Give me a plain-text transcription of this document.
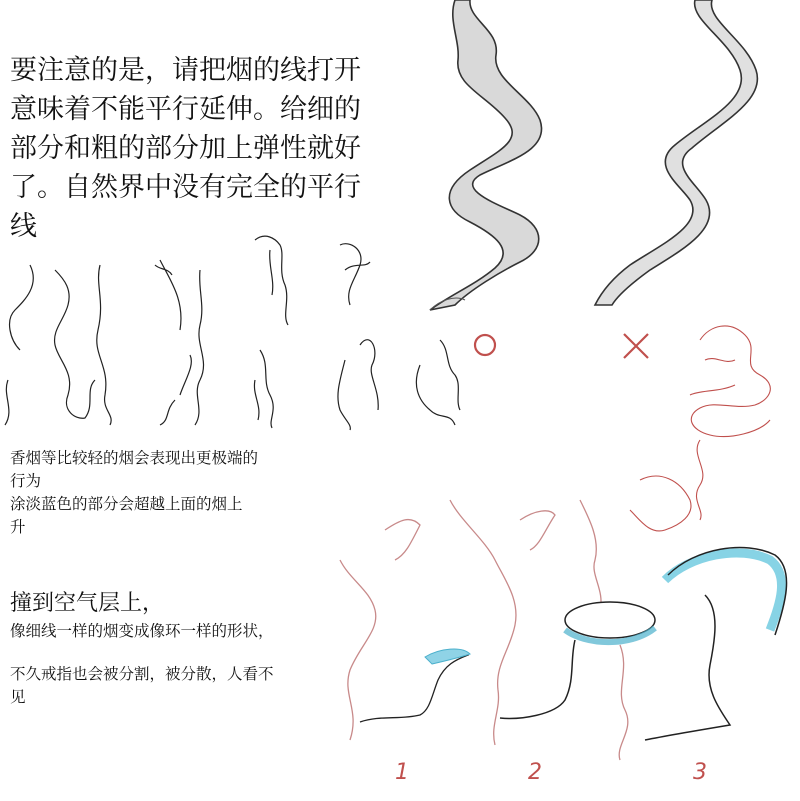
要注意的是，请把烟的线打开
意味着不能平行延伸。给细的
部分和粗的部分加上弹性就好
了。自然界中没有完全的平行
线
香烟等比较轻的烟会表现出更极端的
行为
涂淡蓝色的部分会超越上面的烟上
升
撞到空气层上，
像细线一样的烟变成像环一样的形状，
不久戒指也会被分割，被分散，人看不
见
1	2	3
